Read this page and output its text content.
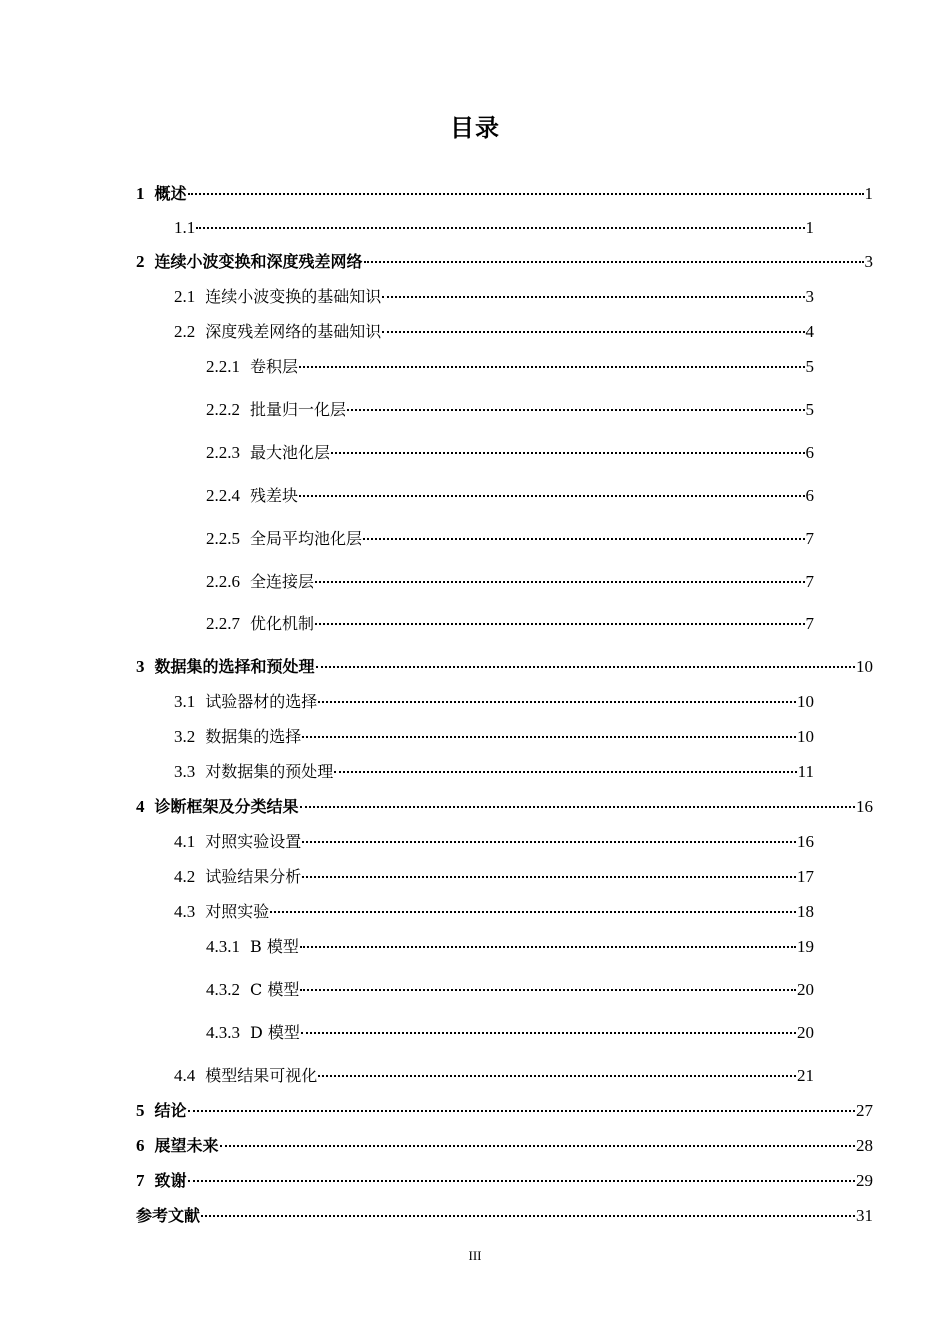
目录
1 概述	1
1.1	1
2 连续小波变换和深度残差网络	3
2.1 连续小波变换的基础知识	3
2.2 深度残差网络的基础知识	4
2.2.1 卷积层	5
2.2.2 批量归一化层	5
2.2.3 最大池化层	6
2.2.4 残差块	6
2.2.5 全局平均池化层	7
2.2.6 全连接层	7
2.2.7 优化机制	7
3 数据集的选择和预处理	10
3.1 试验器材的选择	10
3.2 数据集的选择	10
3.3 对数据集的预处理	11
4 诊断框架及分类结果	16
4.1 对照实验设置	16
4.2 试验结果分析	17
4.3 对照实验	18
4.3.1 B 模型	19
4.3.2 C 模型	20
4.3.3 D 模型	20
4.4 模型结果可视化	21
5 结论	27
6 展望未来	28
7 致谢	29
参考文献	31
III
